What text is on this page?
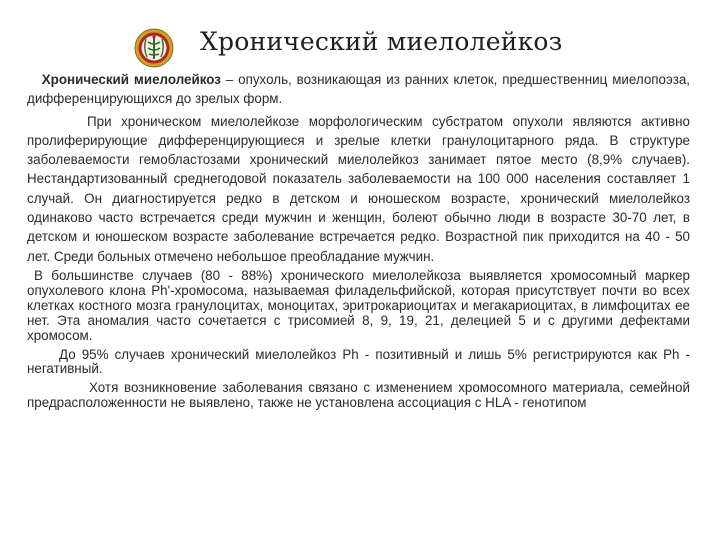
Хронический миелолейкоз

Хронический миелолейкоз – опухоль, возникающая из ранних клеток, предшественниц миелопоэза, дифференцирующихся до зрелых форм.

При хроническом миелолейкозе морфологическим субстратом опухоли являются активно пролиферирующие дифференцирующиеся и зрелые клетки гранулоцитарного ряда. В структуре заболеваемости гемобластозами хронический миелолейкоз занимает пятое место (8,9% случаев). Нестандартизованный среднегодовой показатель заболеваемости на 100 000 населения составляет 1 случай. Он диагностируется редко в детском и юношеском возрасте, хронический миелолейкоз одинаково часто встречается среди мужчин и женщин, болеют обычно люди в возрасте 30-70 лет, в детском и юношеском возрасте заболевание встречается редко. Возрастной пик приходится на 40 - 50 лет. Среди больных отмечено небольшое преобладание мужчин.

В большинстве случаев (80 - 88%) хронического миелолейкоза выявляется хромосомный маркер опухолевого клона Ph'-хромосома, называемая филадельфийской, которая присутствует почти во всех клетках костного мозга гранулоцитах, моноцитах, эритрокариоцитах и мегакариоцитах, в лимфоцитах ее нет. Эта аномалия часто сочетается с трисомией 8, 9, 19, 21, делецией 5 и с другими дефектами хромосом.

До 95% случаев хронический миелолейкоз Ph - позитивный и лишь 5% регистрируются как Ph - негативный.

Хотя возникновение заболевания связано с изменением хромосомного материала, семейной предрасположенности не выявлено, также не установлена ассоциация с HLA - генотипом
